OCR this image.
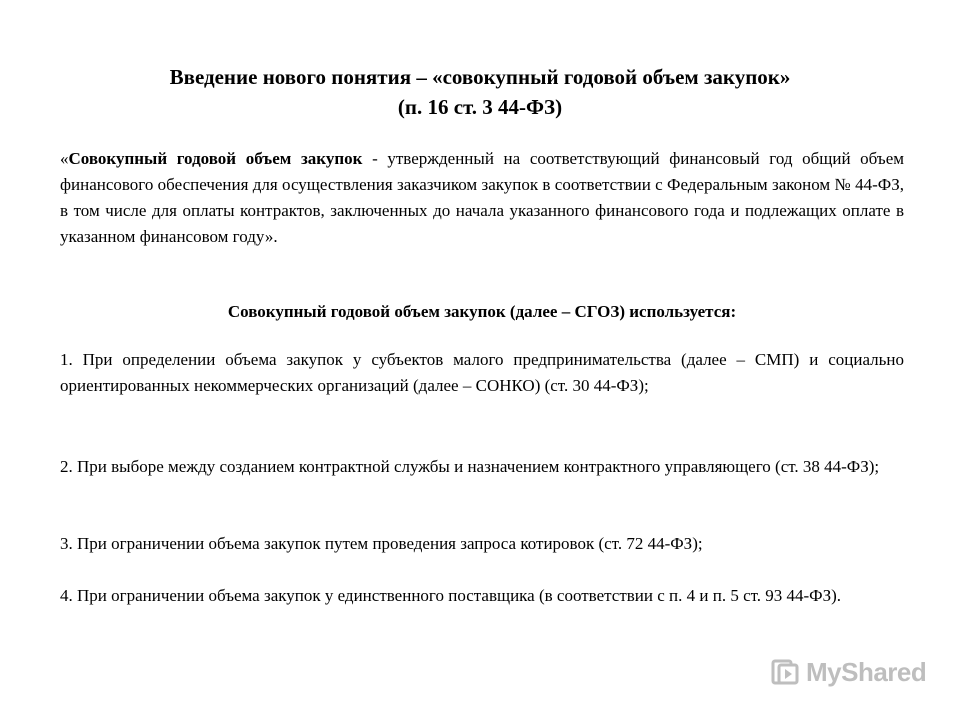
Введение нового понятия – «совокупный годовой объем закупок»
(п. 16 ст. 3 44-ФЗ)
«Совокупный годовой объем закупок - утвержденный на соответствующий финансовый год общий объем финансового обеспечения для осуществления заказчиком закупок в соответствии с Федеральным законом № 44-ФЗ, в том числе для оплаты контрактов, заключенных до начала указанного финансового года и подлежащих оплате в указанном финансовом году».
Совокупный годовой объем закупок (далее – СГОЗ) используется:
1. При определении объема закупок у субъектов малого предпринимательства (далее – СМП) и социально ориентированных некоммерческих организаций (далее – СОНКО) (ст. 30 44-ФЗ);
2. При выборе между созданием контрактной службы и назначением контрактного управляющего (ст. 38 44-ФЗ);
3. При ограничении объема закупок путем проведения запроса котировок (ст. 72 44-ФЗ);
4. При ограничении объема закупок у единственного поставщика (в соответствии с п. 4 и п. 5 ст. 93 44-ФЗ).
MyShared
